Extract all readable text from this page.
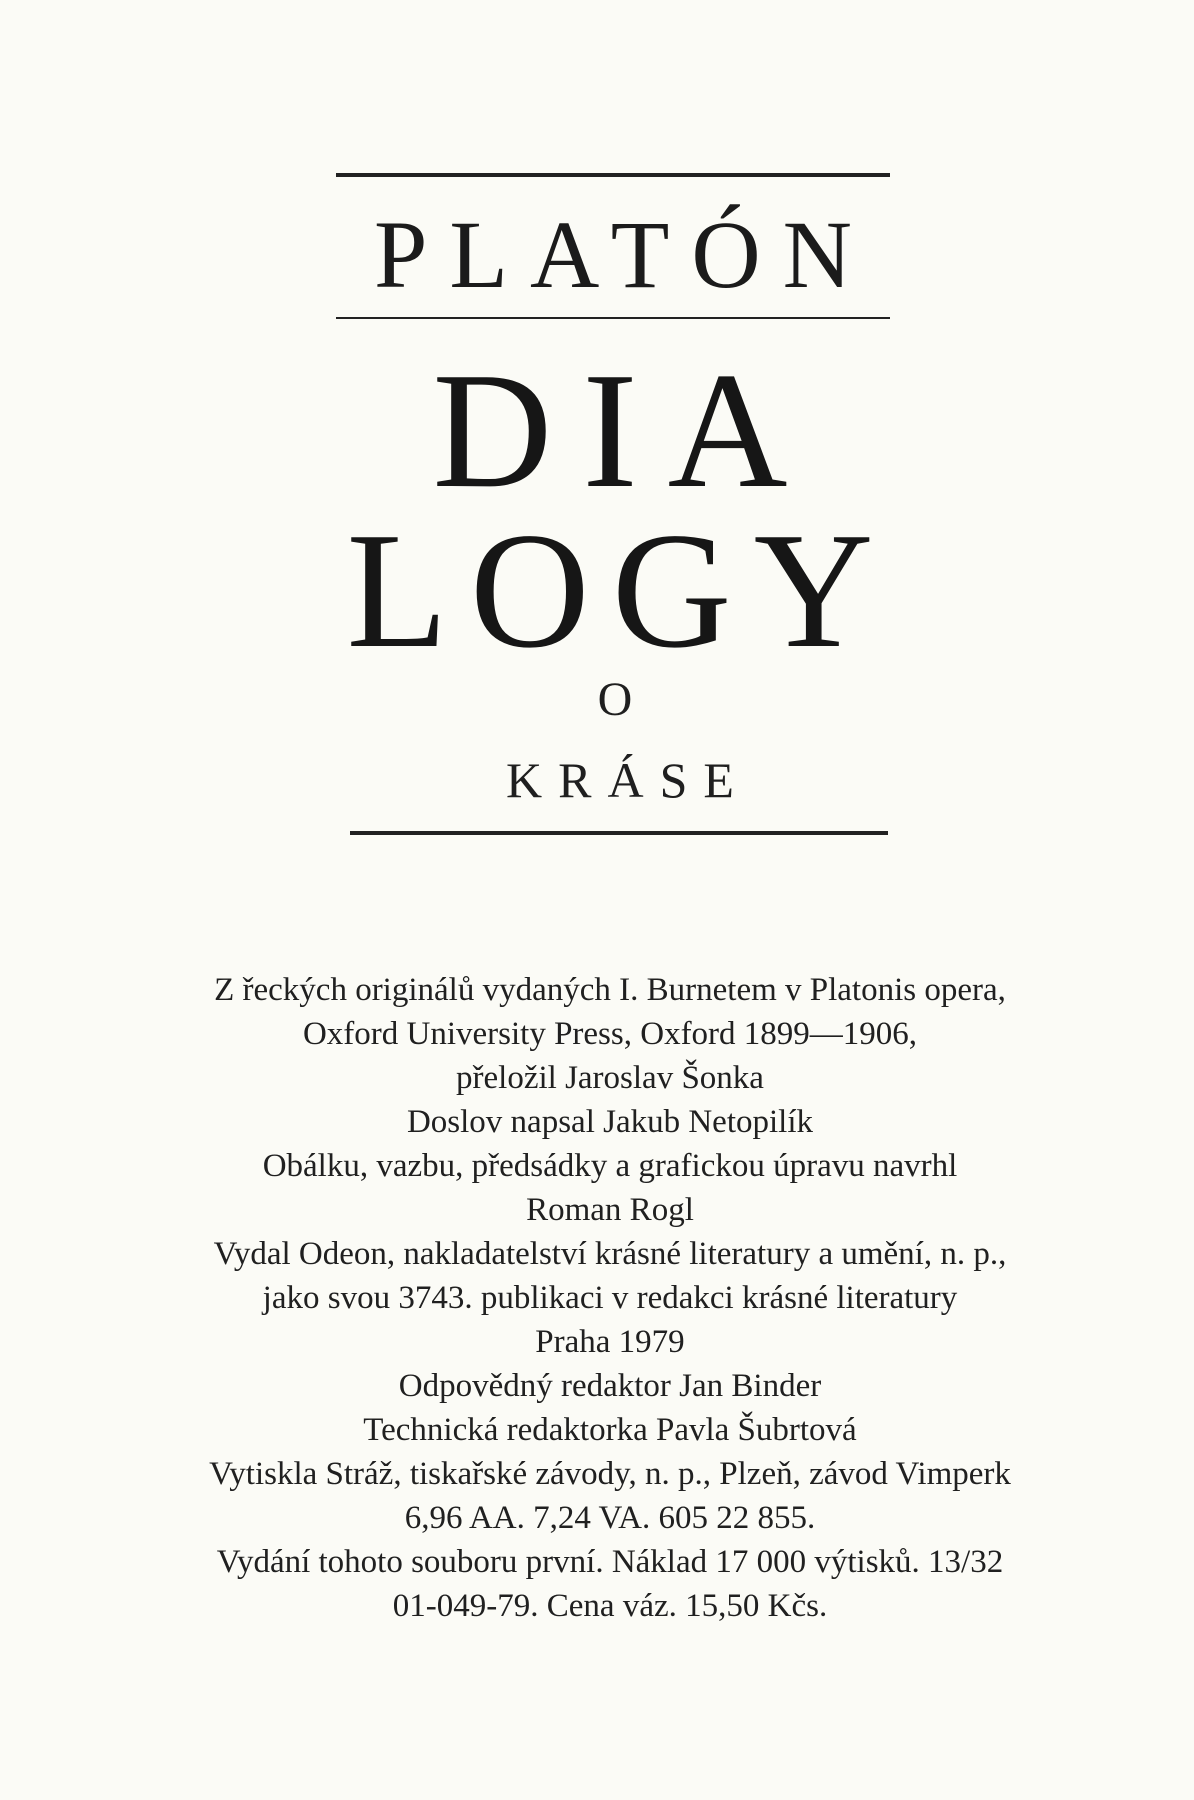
PLATÓN
DIA
LOGY
O
KRÁSE
Z řeckých originálů vydaných I. Burnetem v Platonis opera,
Oxford University Press, Oxford 1899—1906,
přeložil Jaroslav Šonka
Doslov napsal Jakub Netopilík
Obálku, vazbu, předsádky a grafickou úpravu navrhl
Roman Rogl
Vydal Odeon, nakladatelství krásné literatury a umění, n. p.,
jako svou 3743. publikaci v redakci krásné literatury
Praha 1979
Odpovědný redaktor Jan Binder
Technická redaktorka Pavla Šubrtová
Vytiskla Stráž, tiskařské závody, n. p., Plzeň, závod Vimperk
6,96 AA. 7,24 VA. 605 22 855.
Vydání tohoto souboru první. Náklad 17 000 výtisků. 13/32
01-049-79. Cena váz. 15,50 Kčs.
